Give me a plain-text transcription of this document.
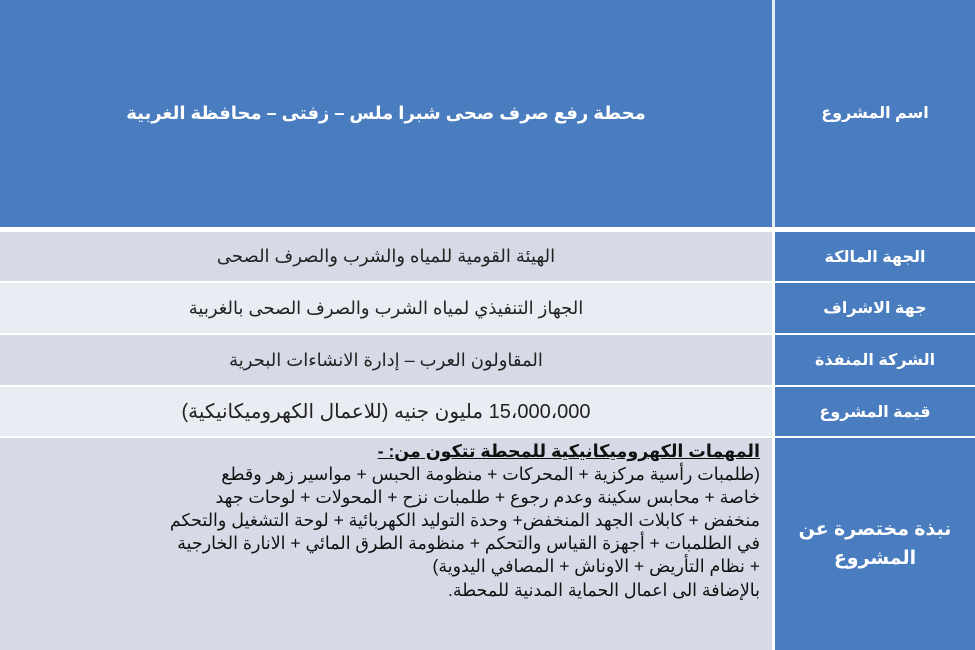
اسم المشروع
محطة رفع صرف صحى شبرا ملس – زفتى – محافظة الغربية
الجهة المالكة
الهيئة القومية للمياه والشرب والصرف الصحى
جهة الاشراف
الجهاز التنفيذي لمياه الشرب والصرف الصحى بالغربية
الشركة المنفذة
المقاولون العرب – إدارة الانشاءات البحرية
قيمة المشروع
15،000،000 مليون جنيه (للاعمال الكهروميكانيكية)
نبذة مختصرة عن
المشروع
المهمات الكهروميكانيكية للمحطة تتكون من: -
(طلمبات رأسية مركزية + المحركات + منظومة الحبس + مواسير زهر وقطع
خاصة + محابس سكينة وعدم رجوع + طلمبات نزح + المحولات + لوحات جهد
منخفض + كابلات الجهد المنخفض+ وحدة التوليد الكهربائية + لوحة التشغيل والتحكم
في الطلمبات + أجهزة القياس والتحكم + منظومة الطرق المائي + الانارة الخارجية
+ نظام التأريض + الاوناش + المصافي اليدوية)
بالإضافة الى اعمال الحماية المدنية للمحطة.
